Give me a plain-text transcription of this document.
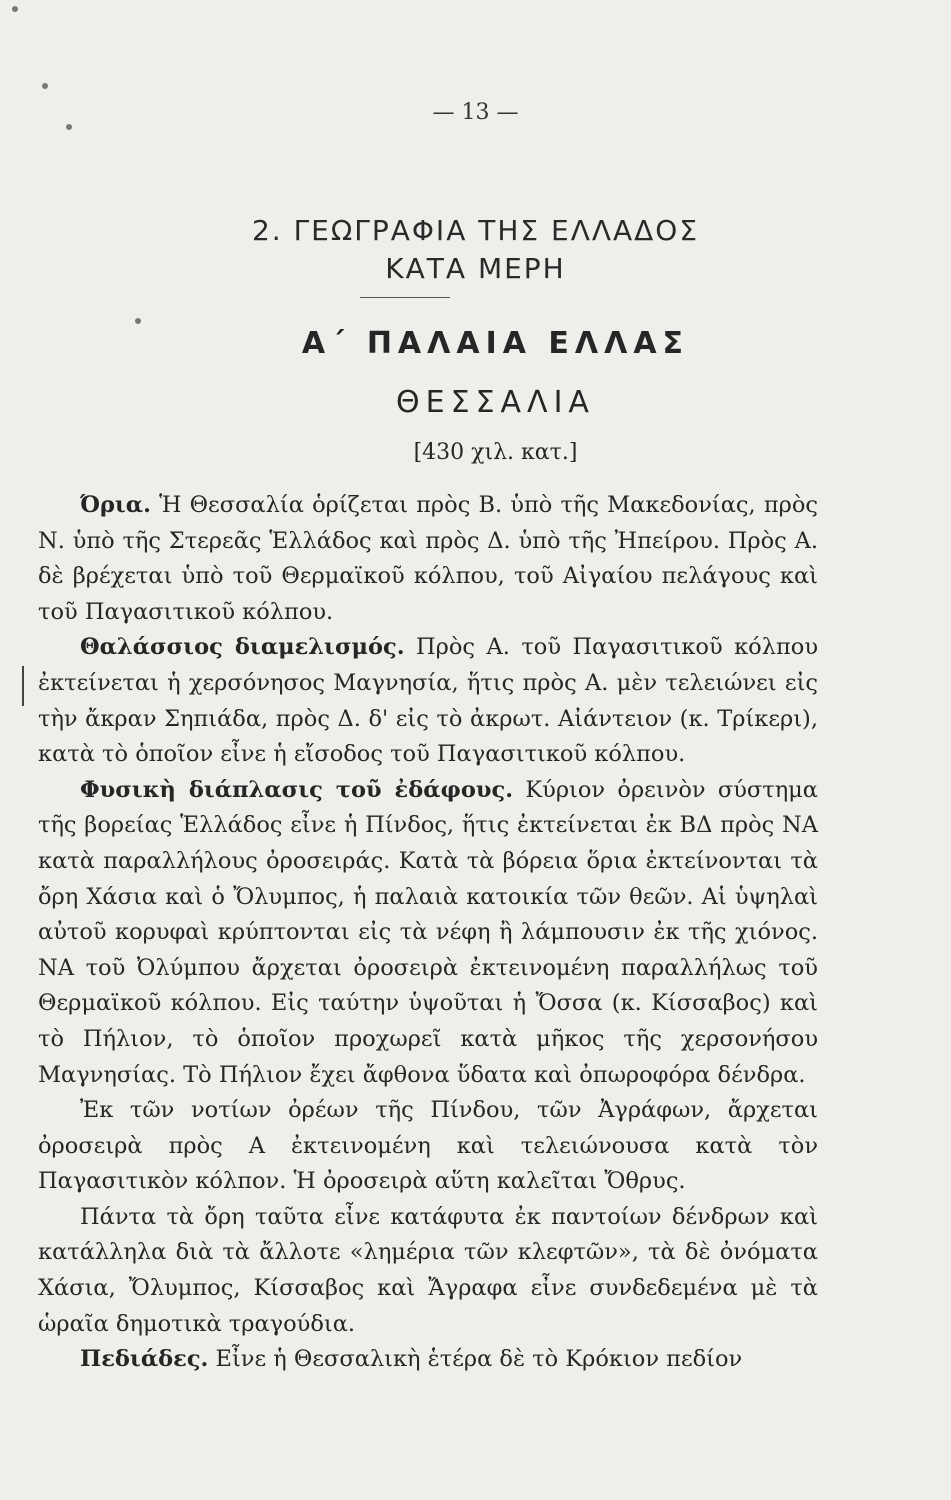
— 13 —
2. ΓΕΩΓΡΑΦΙΑ ΤΗΣ ΕΛΛΑΔΟΣ
ΚΑΤΑ ΜΕΡΗ
Α΄ ΠΑΛΑΙΑ ΕΛΛΑΣ
ΘΕΣΣΑΛΙΑ
[430 χιλ. κατ.]

Όρια. Ἡ Θεσσαλία ὁρίζεται πρὸς Β. ὑπὸ τῆς Μακεδονίας, πρὸς Ν. ὑπὸ τῆς Στερεᾶς Ἑλλάδος καὶ πρὸς Δ. ὑπὸ τῆς Ἠπείρου. Πρὸς Α. δὲ βρέχεται ὑπὸ τοῦ Θερμαϊκοῦ κόλπου, τοῦ Αἰγαίου πελάγους καὶ τοῦ Παγασιτικοῦ κόλπου.

Θαλάσσιος διαμελισμός. Πρὸς Α. τοῦ Παγασιτικοῦ κόλπου ἐκτείνεται ἡ χερσόνησος Μαγνησία, ἥτις πρὸς Α. μὲν τελειώνει εἰς τὴν ἄκραν Σηπιάδα, πρὸς Δ. δ' εἰς τὸ ἀκρωτ. Αἰάντειον (κ. Τρίκερι), κατὰ τὸ ὁποῖον εἶνε ἡ εἴσοδος τοῦ Παγασιτικοῦ κόλπου.

Φυσικὴ διάπλασις τοῦ ἐδάφους. Κύριον ὀρεινὸν σύστημα τῆς βορείας Ἑλλάδος εἶνε ἡ Πίνδος, ἥτις ἐκτείνεται ἐκ ΒΔ πρὸς ΝΑ κατὰ παραλλήλους ὀροσειράς. Κατὰ τὰ βόρεια ὅρια ἐκτείνονται τὰ ὄρη Χάσια καὶ ὁ Ὄλυμπος, ἡ παλαιὰ κατοικία τῶν θεῶν. Αἱ ὑψηλαὶ αὐτοῦ κορυφαὶ κρύπτονται εἰς τὰ νέφη ἢ λάμπουσιν ἐκ τῆς χιόνος. ΝΑ τοῦ Ὀλύμπου ἄρχεται ὀροσειρὰ ἐκτεινομένη παραλλήλως τοῦ Θερμαϊκοῦ κόλπου. Εἰς ταύτην ὑψοῦται ἡ Ὄσσα (κ. Κίσσαβος) καὶ τὸ Πήλιον, τὸ ὁποῖον προχωρεῖ κατὰ μῆκος τῆς χερσονήσου Μαγνησίας. Τὸ Πήλιον ἔχει ἄφθονα ὕδατα καὶ ὀπωροφόρα δένδρα.

Ἐκ τῶν νοτίων ὀρέων τῆς Πίνδου, τῶν Ἀγράφων, ἄρχεται ὀροσειρὰ πρὸς Α ἐκτεινομένη καὶ τελειώνουσα κατὰ τὸν Παγασιτικὸν κόλπον. Ἡ ὀροσειρὰ αὕτη καλεῖται Ὄθρυς.

Πάντα τὰ ὄρη ταῦτα εἶνε κατάφυτα ἐκ παντοίων δένδρων καὶ κατάλληλα διὰ τὰ ἄλλοτε «λημέρια τῶν κλεφτῶν», τὰ δὲ ὀνόματα Χάσια, Ὄλυμπος, Κίσσαβος καὶ Ἄγραφα εἶνε συνδεδεμένα μὲ τὰ ὡραῖα δημοτικὰ τραγούδια.

Πεδιάδες. Εἶνε ἡ Θεσσαλικὴ ἑτέρα δὲ τὸ Κρόκιον πεδίον
